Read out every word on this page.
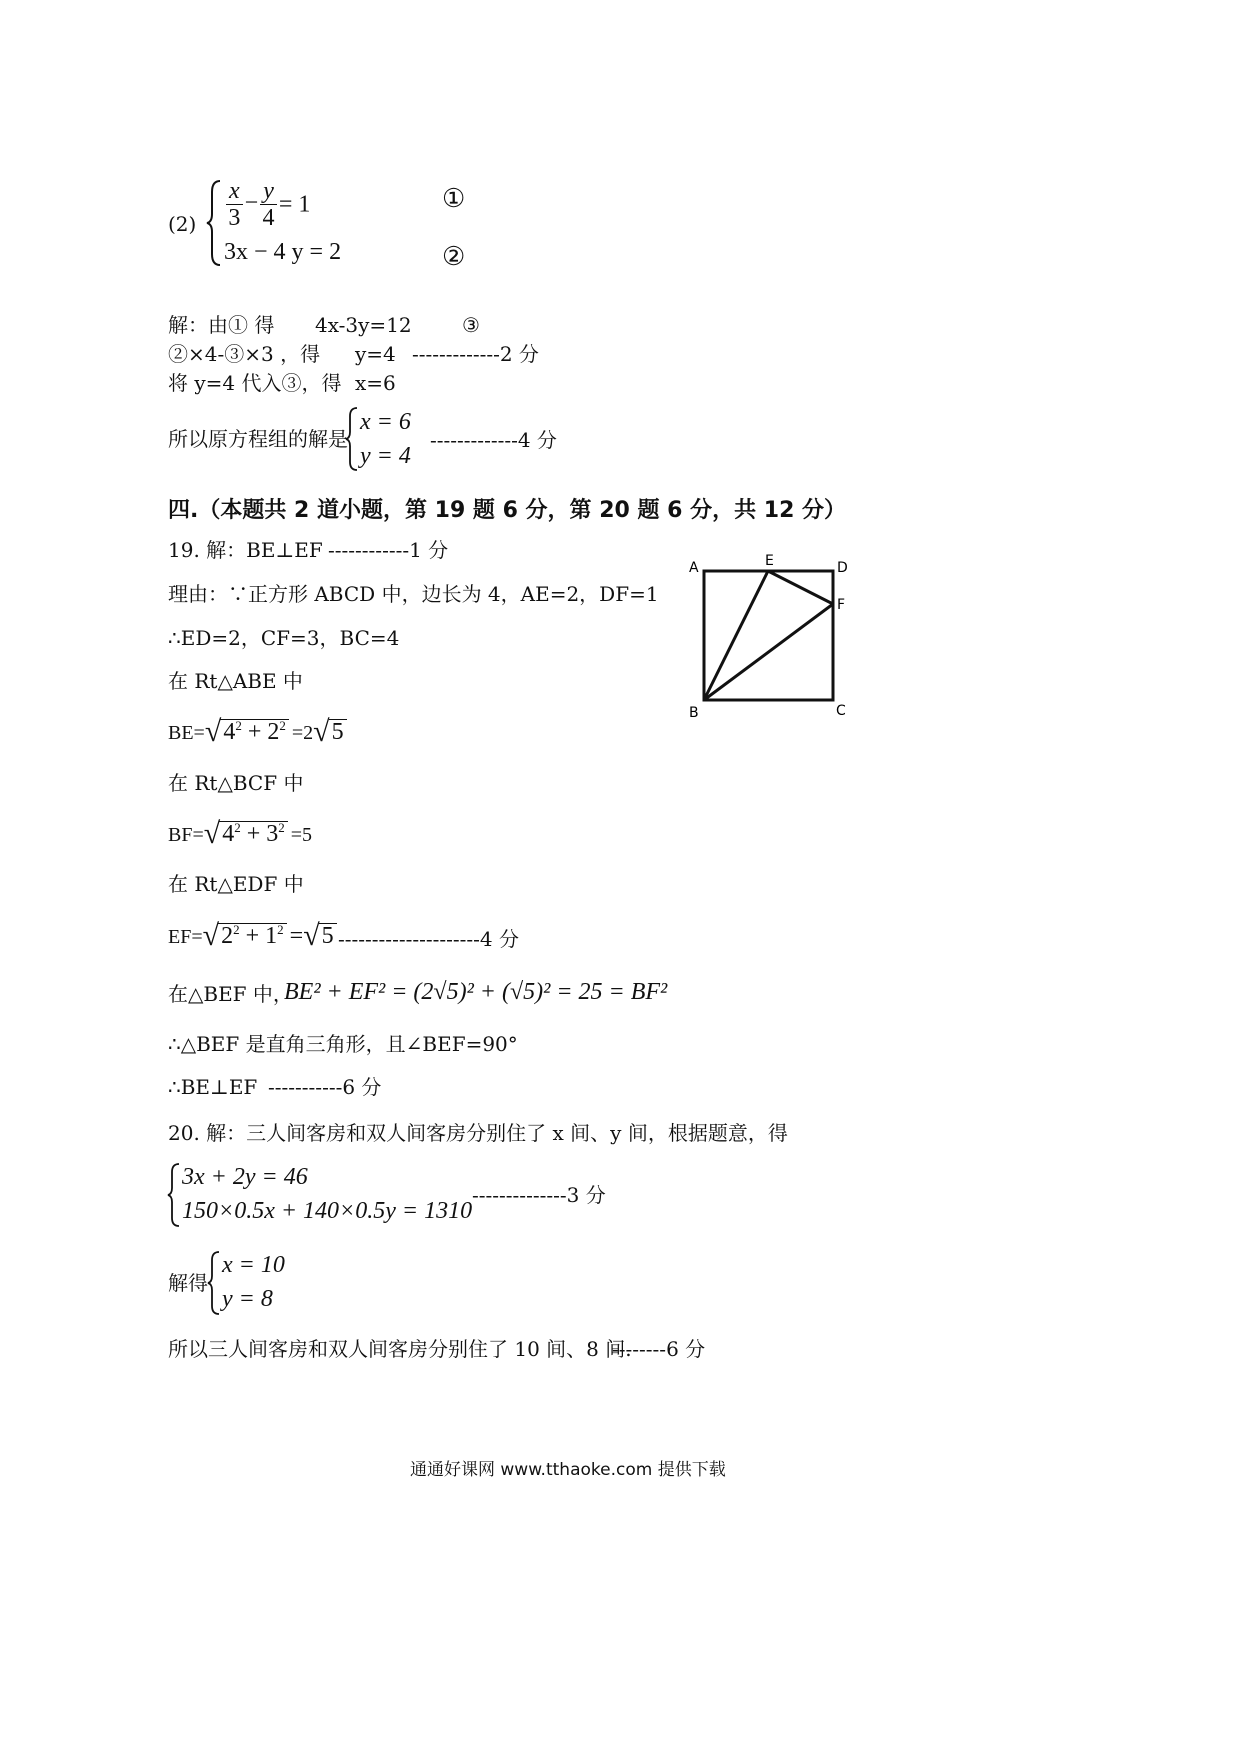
$(2) \frac{x}{3} - \frac{y}{4} = 1$
3x − 4 y = 2
①
②
解：由① 得 4x-3y=12	③
②×4-③×3 ，得 y=4 -------------2 分
将 y=4 代入③，得 x=6
所以原方程组的解是
x = 6
y = 4
-------------4 分
四.（本题共 2 道小题，第 19 题 6 分，第 20 题 6 分，共 12 分）
19. 解：BE⊥EF ------------1 分
理由：∵正方形 ABCD 中，边长为 4，AE=2，DF=1
∴ED=2，CF=3，BC=4
在 Rt△ABE 中
$BE=√4^2 + 2^2 =2√5$
在 Rt△BCF 中
$BF=√4^2 + 3^2 =5$
在 Rt△EDF 中
$EF=√2^2 + 1^2 =√5$ ---------------------4 分
在△BEF 中，
BE² + EF² = (2√5)² + (√5)² = 25 = BF²
∴△BEF 是直角三角形，且∠BEF=90°
∴BE⊥EF -----------6 分
A	E	D
F
B	C
20. 解：三人间客房和双人间客房分别住了 x 间、y 间，根据题意，得
3x + 2y = 46
150×0.5x + 140×0.5y = 1310
--------------3 分
解得
x = 10
y = 8
所以三人间客房和双人间客房分别住了 10 间、8 间.
--------6 分
通通好课网 www.tthaoke.com 提供下载
